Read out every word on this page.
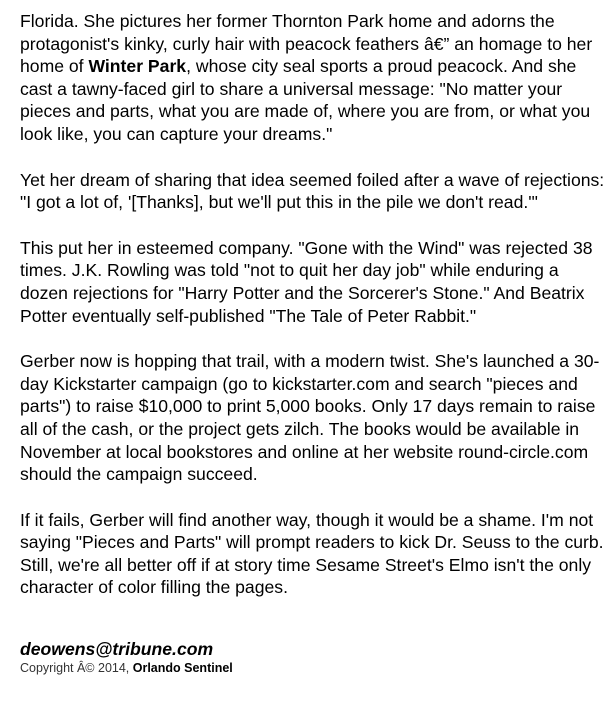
Florida. She pictures her former Thornton Park home and adorns the protagonist's kinky, curly hair with peacock feathers â€” an homage to her home of Winter Park, whose city seal sports a proud peacock. And she cast a tawny-faced girl to share a universal message: "No matter your pieces and parts, what you are made of, where you are from, or what you look like, you can capture your dreams."

Yet her dream of sharing that idea seemed foiled after a wave of rejections: "I got a lot of, '[Thanks], but we'll put this in the pile we don't read.'"

This put her in esteemed company. "Gone with the Wind" was rejected 38 times. J.K. Rowling was told "not to quit her day job" while enduring a dozen rejections for "Harry Potter and the Sorcerer's Stone." And Beatrix Potter eventually self-published "The Tale of Peter Rabbit."

Gerber now is hopping that trail, with a modern twist. She's launched a 30-day Kickstarter campaign (go to kickstarter.com and search "pieces and parts") to raise $10,000 to print 5,000 books. Only 17 days remain to raise all of the cash, or the project gets zilch. The books would be available in November at local bookstores and online at her website round-circle.com should the campaign succeed.

If it fails, Gerber will find another way, though it would be a shame. I'm not saying "Pieces and Parts" will prompt readers to kick Dr. Seuss to the curb. Still, we're all better off if at story time Sesame Street's Elmo isn't the only character of color filling the pages.

deowens@tribune.com
Copyright Â© 2014, Orlando Sentinel
